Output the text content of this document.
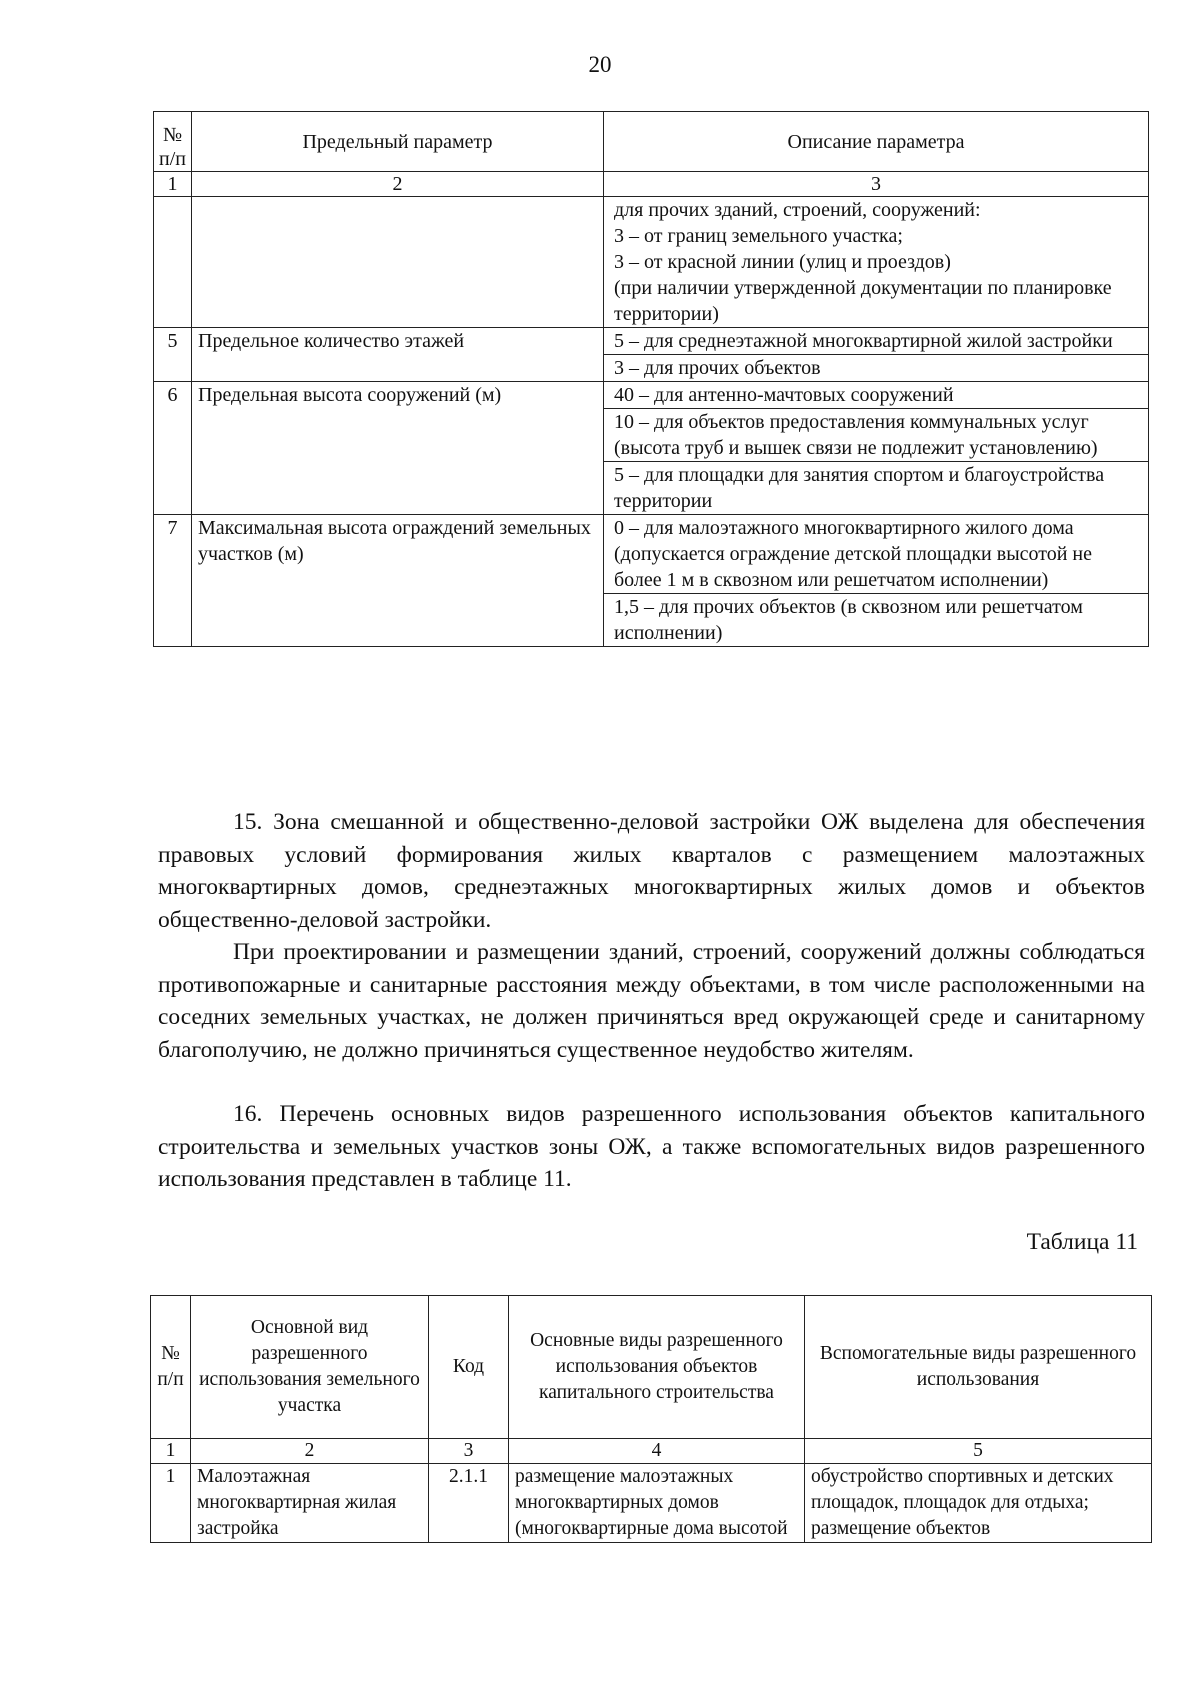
20
№ п/п	Предельный параметр	Описание параметра
1	2	3
		для прочих зданий, строений, сооружений:
3 – от границ земельного участка;
3 – от красной линии (улиц и проездов)
(при наличии утвержденной документации по планировке территории)
5	Предельное количество этажей	5 – для среднеэтажной многоквартирной жилой застройки
		3 – для прочих объектов
6	Предельная высота сооружений (м)	40 – для антенно-мачтовых сооружений
		10 – для объектов предоставления коммунальных услуг (высота труб и вышек связи не подлежит установлению)
		5 – для площадки для занятия спортом и благоустройства территории
7	Максимальная высота ограждений земельных участков (м)	0 – для малоэтажного многоквартирного жилого дома (допускается ограждение детской площадки высотой не более 1 м в сквозном или решетчатом исполнении)
		1,5 – для прочих объектов (в сквозном или решетчатом исполнении)

15. Зона смешанной и общественно-деловой застройки ОЖ выделена для обеспечения правовых условий формирования жилых кварталов с размещением малоэтажных многоквартирных домов, среднеэтажных многоквартирных жилых домов и объектов общественно-деловой застройки.

При проектировании и размещении зданий, строений, сооружений должны соблюдаться противопожарные и санитарные расстояния между объектами, в том числе расположенными на соседних земельных участках, не должен причиняться вред окружающей среде и санитарному благополучию, не должно причиняться существенное неудобство жителям.

16. Перечень основных видов разрешенного использования объектов капитального строительства и земельных участков зоны ОЖ, а также вспомогательных видов разрешенного использования представлен в таблице 11.

Таблица 11
№ п/п	Основной вид разрешенного использования земельного участка	Код	Основные виды разрешенного использования объектов капитального строительства	Вспомогательные виды разрешенного использования
1	2	3	4	5
1	Малоэтажная многоквартирная жилая застройка	2.1.1	размещение малоэтажных многоквартирных домов (многоквартирные дома высотой	обустройство спортивных и детских площадок, площадок для отдыха; размещение объектов
